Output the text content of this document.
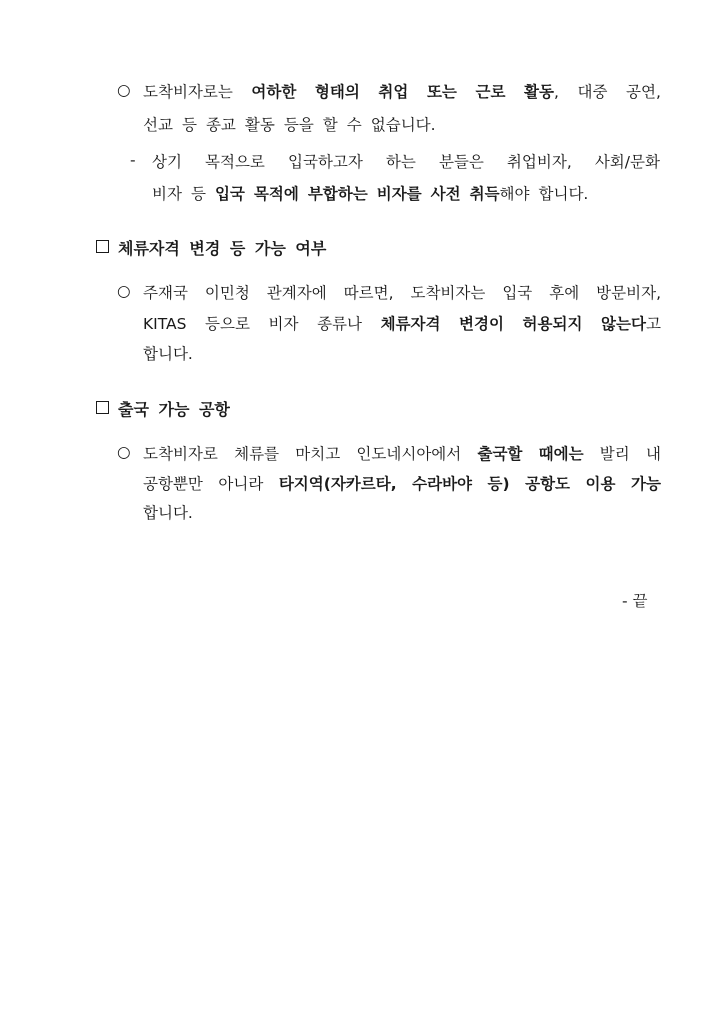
○ 도착비자로는 여하한 형태의 취업 또는 근로 활동, 대중 공연,
선교 등 종교 활동 등을 할 수 없습니다.
- 상기 목적으로 입국하고자 하는 분들은 취업비자, 사회/문화
비자 등 입국 목적에 부합하는 비자를 사전 취득해야 합니다.
체류자격 변경 등 가능 여부
○ 주재국 이민청 관계자에 따르면, 도착비자는 입국 후에 방문비자,
KITAS 등으로 비자 종류나 체류자격 변경이 허용되지 않는다고
합니다.
출국 가능 공항
○ 도착비자로 체류를 마치고 인도네시아에서 출국할 때에는 발리 내
공항뿐만 아니라 타지역(자카르타, 수라바야 등) 공항도 이용 가능
합니다.
- 끝
